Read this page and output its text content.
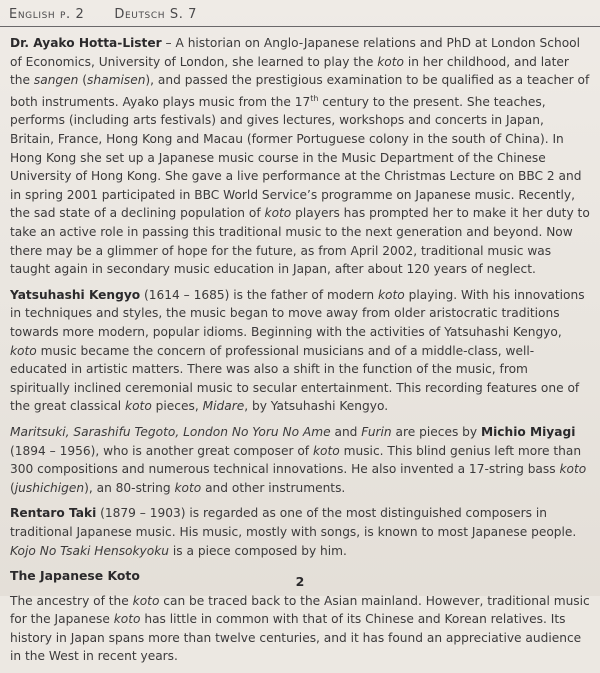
English p. 2 Deutsch S. 7

Dr. Ayako Hotta-Lister – A historian on Anglo-Japanese relations and PhD at London School of Economics, University of London, she learned to play the koto in her childhood, and later the sangen (shamisen), and passed the prestigious examination to be qualified as a teacher of both instruments. Ayako plays music from the 17th century to the present. She teaches, performs (including arts festivals) and gives lectures, workshops and concerts in Japan, Britain, France, Hong Kong and Macau (former Portuguese colony in the south of China). In Hong Kong she set up a Japanese music course in the Music Department of the Chinese University of Hong Kong. She gave a live performance at the Christmas Lecture on BBC 2 and in spring 2001 participated in BBC World Service’s programme on Japanese music. Recently, the sad state of a declining population of koto players has prompted her to make it her duty to take an active role in passing this traditional music to the next generation and beyond. Now there may be a glimmer of hope for the future, as from April 2002, traditional music was taught again in secondary music education in Japan, after about 120 years of neglect.

Yatsuhashi Kengyo (1614 – 1685) is the father of modern koto playing. With his innovations in techniques and styles, the music began to move away from older aristocratic traditions towards more modern, popular idioms. Beginning with the activities of Yatsuhashi Kengyo, koto music became the concern of professional musicians and of a middle-class, well-educated in artistic matters. There was also a shift in the function of the music, from spiritually inclined ceremonial music to secular entertainment. This recording features one of the great classical koto pieces, Midare, by Yatsuhashi Kengyo.

Maritsuki, Sarashifu Tegoto, London No Yoru No Ame and Furin are pieces by Michio Miyagi (1894 – 1956), who is another great composer of koto music. This blind genius left more than 300 compositions and numerous technical innovations. He also invented a 17-string bass koto (jushichigen), an 80-string koto and other instruments.

Rentaro Taki (1879 – 1903) is regarded as one of the most distinguished composers in traditional Japanese music. His music, mostly with songs, is known to most Japanese people. Kojo No Tsaki Hensokyoku is a piece composed by him.

The Japanese Koto

The ancestry of the koto can be traced back to the Asian mainland. However, traditional music for the Japanese koto has little in common with that of its Chinese and Korean relatives. Its history in Japan spans more than twelve centuries, and it has found an appreciative audience in the West in recent years.

2
